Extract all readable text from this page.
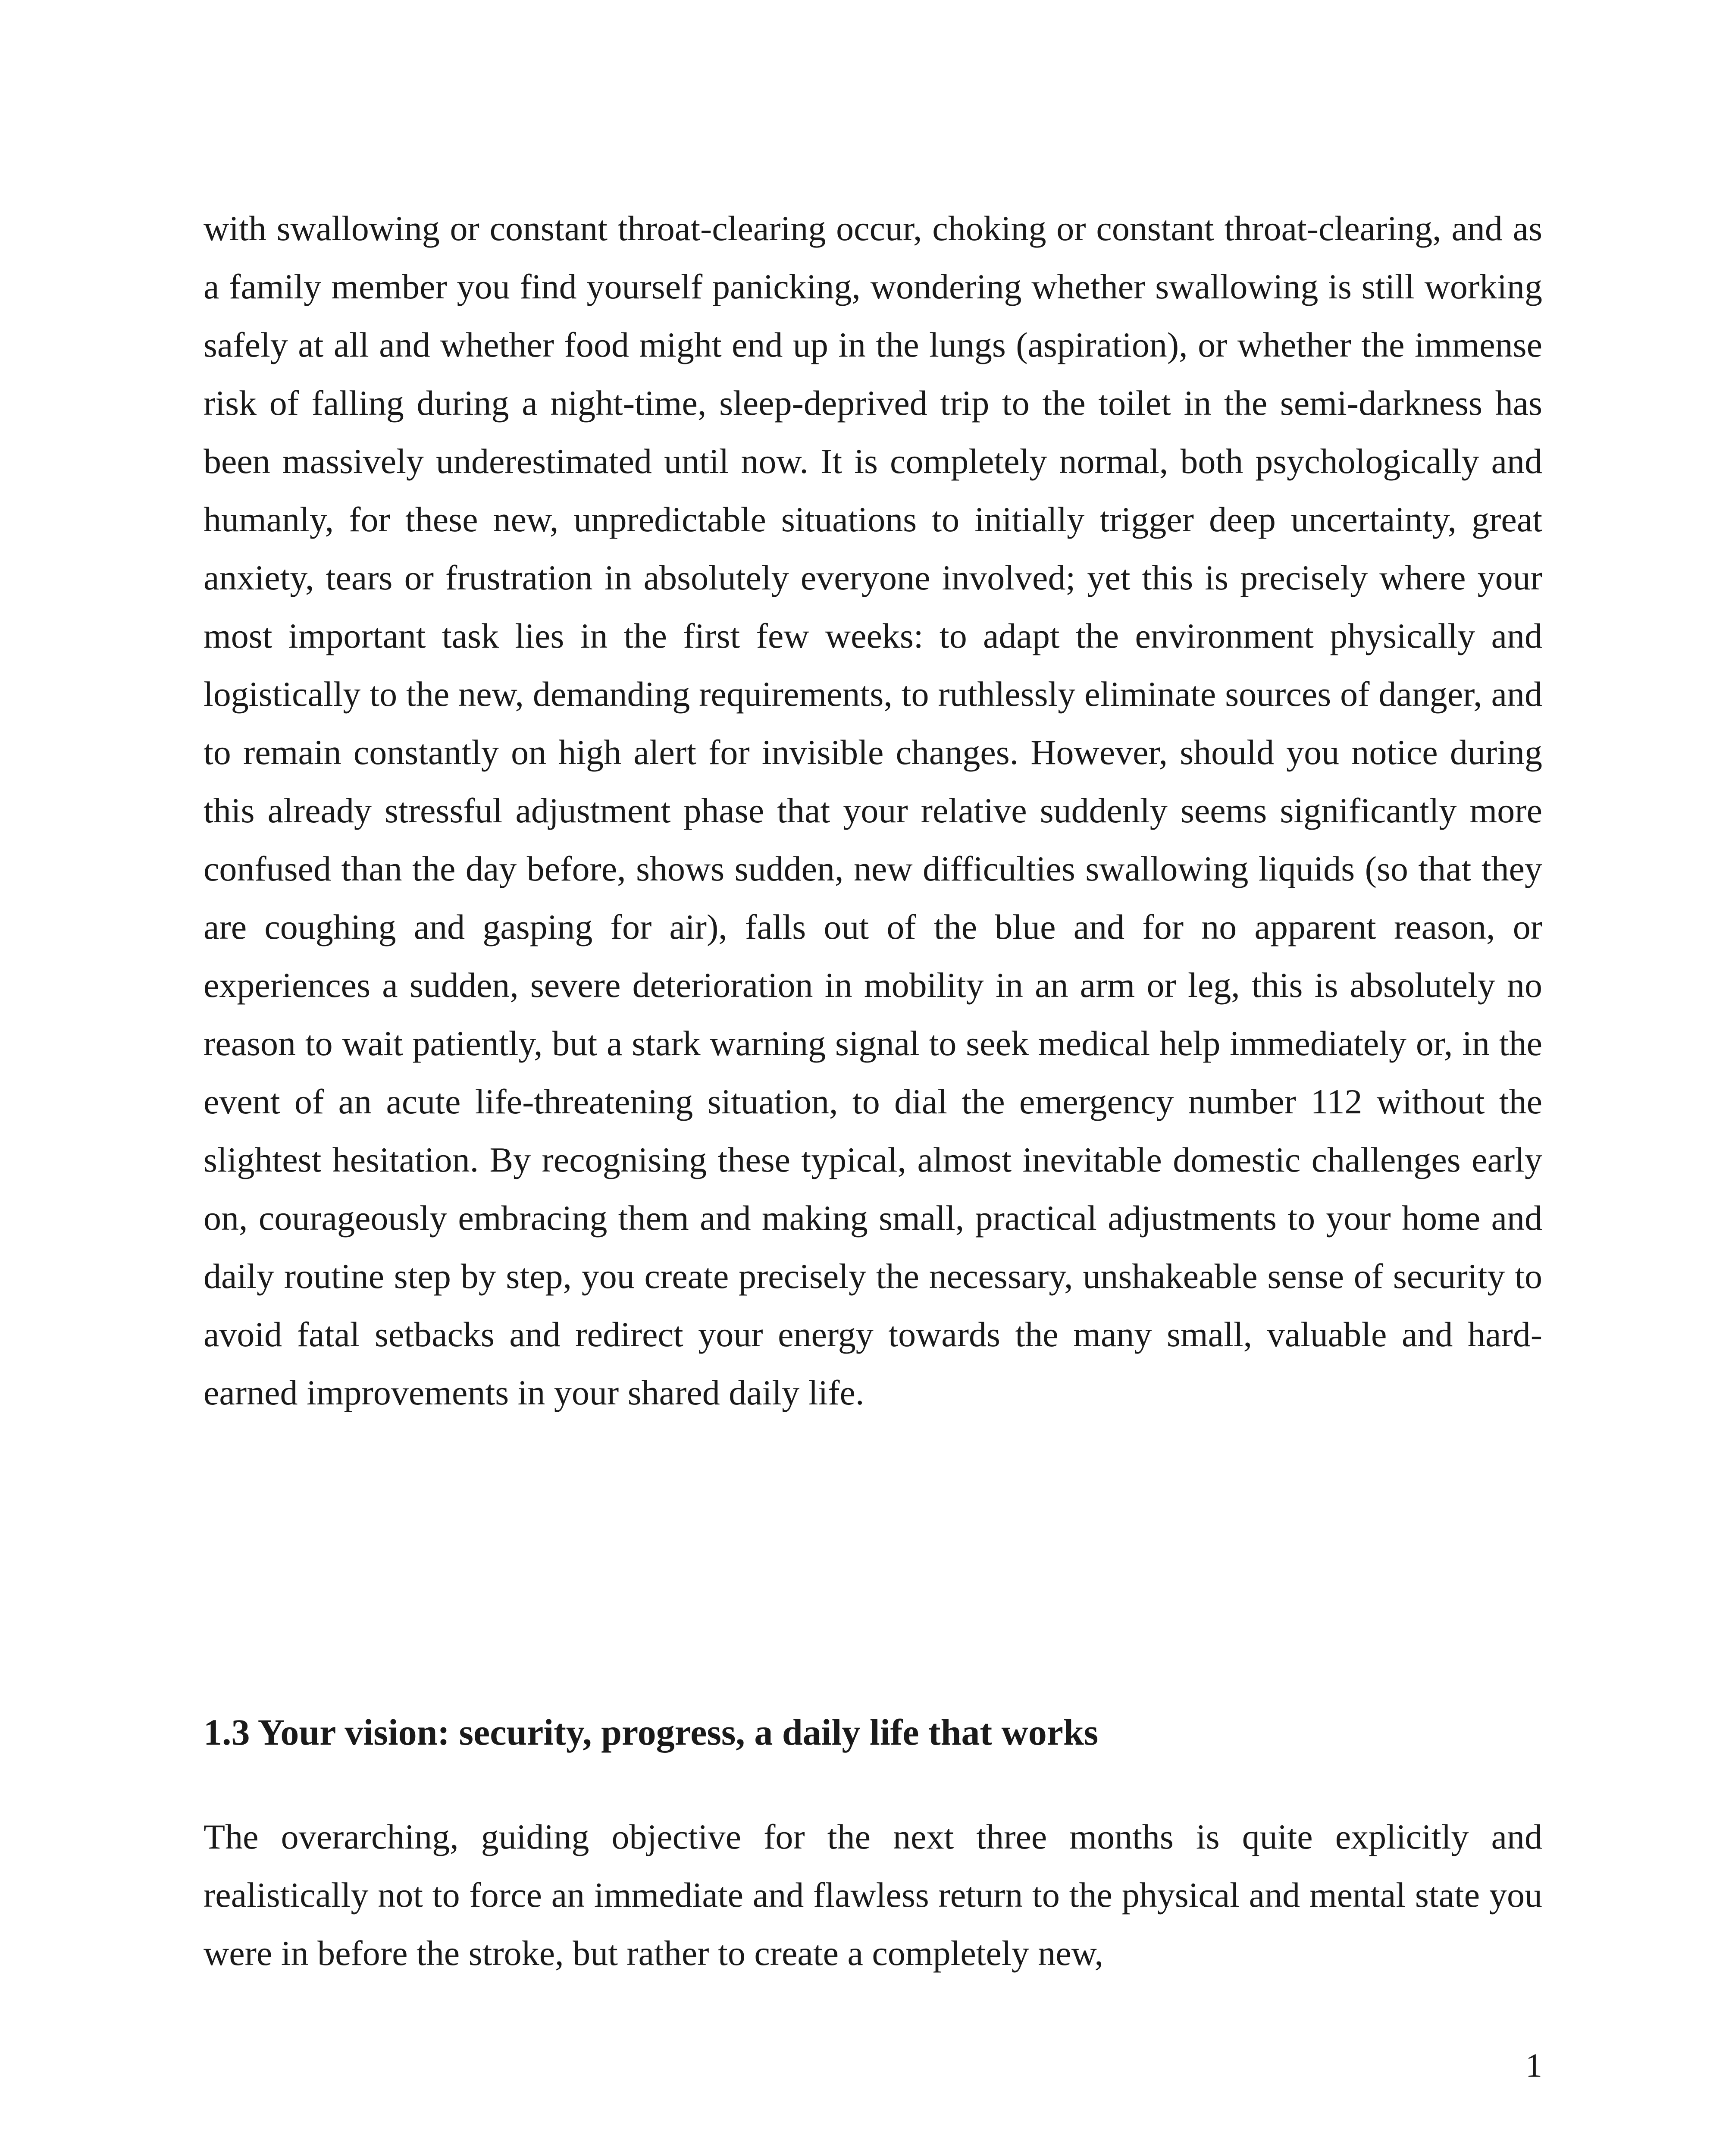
with swallowing or constant throat-clearing occur, choking or constant throat-clearing, and as a family member you find yourself panicking, wondering whether swallowing is still working safely at all and whether food might end up in the lungs (aspiration), or whether the immense risk of falling during a night-time, sleep-deprived trip to the toilet in the semi-darkness has been massively underestimated until now. It is completely normal, both psychologically and humanly, for these new, unpredictable situations to initially trigger deep uncertainty, great anxiety, tears or frustration in absolutely everyone involved; yet this is precisely where your most important task lies in the first few weeks: to adapt the environment physically and logistically to the new, demanding requirements, to ruthlessly eliminate sources of danger, and to remain constantly on high alert for invisible changes. However, should you notice during this already stressful adjustment phase that your relative suddenly seems significantly more confused than the day before, shows sudden, new difficulties swallowing liquids (so that they are coughing and gasping for air), falls out of the blue and for no apparent reason, or experiences a sudden, severe deterioration in mobility in an arm or leg, this is absolutely no reason to wait patiently, but a stark warning signal to seek medical help immediately or, in the event of an acute life-threatening situation, to dial the emergency number 112 without the slightest hesitation. By recognising these typical, almost inevitable domestic challenges early on, courageously embracing them and making small, practical adjustments to your home and daily routine step by step, you create precisely the necessary, unshakeable sense of security to avoid fatal setbacks and redirect your energy towards the many small, valuable and hard-earned improvements in your shared daily life.

1.3 Your vision: security, progress, a daily life that works

The overarching, guiding objective for the next three months is quite explicitly and realistically not to force an immediate and flawless return to the physical and mental state you were in before the stroke, but rather to create a completely new,

1
